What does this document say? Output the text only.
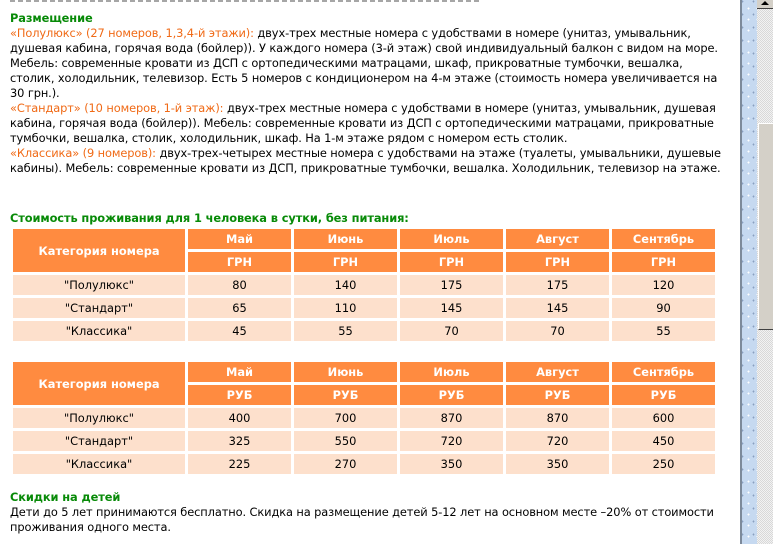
Размещение
«Полулюкс» (27 номеров, 1,3,4-й этажи): двух-трех местные номера с удобствами в номере (унитаз, умывальник, душевая кабина, горячая вода (бойлер)). У каждого номера (3-й этаж) свой индивидуальный балкон с видом на море. Мебель: современные кровати из ДСП с ортопедическими матрацами, шкаф, прикроватные тумбочки, вешалка, столик, холодильник, телевизор. Есть 5 номеров с кондиционером на 4-м этаже (стоимость номера увеличивается на 30 грн.).
«Стандарт» (10 номеров, 1-й этаж): двух-трех местные номера с удобствами в номере (унитаз, умывальник, душевая кабина, горячая вода (бойлер)). Мебель: современные кровати из ДСП с ортопедическими матрацами, прикроватные тумбочки, вешалка, столик, холодильник, шкаф. На 1-м этаже рядом с номером есть столик.
«Классика» (9 номеров): двух-трех-четырех местные номера с удобствами на этаже (туалеты, умывальники, душевые кабины). Мебель: современные кровати из ДСП, прикроватные тумбочки, вешалка. Холодильник, телевизор на этаже.
Стоимость проживания для 1 человека в сутки, без питания:
Категория номера	Май	Июнь	Июль	Август	Сентябрь
	ГРН	ГРН	ГРН	ГРН	ГРН
"Полулюкс"	80	140	175	175	120
"Стандарт"	65	110	145	145	90
"Классика"	45	55	70	70	55
Категория номера	Май	Июнь	Июль	Август	Сентябрь
	РУБ	РУБ	РУБ	РУБ	РУБ
"Полулюкс"	400	700	870	870	600
"Стандарт"	325	550	720	720	450
"Классика"	225	270	350	350	250
Скидки на детей
Дети до 5 лет принимаются бесплатно. Скидка на размещение детей 5-12 лет на основном месте –20% от стоимости проживания одного места.
